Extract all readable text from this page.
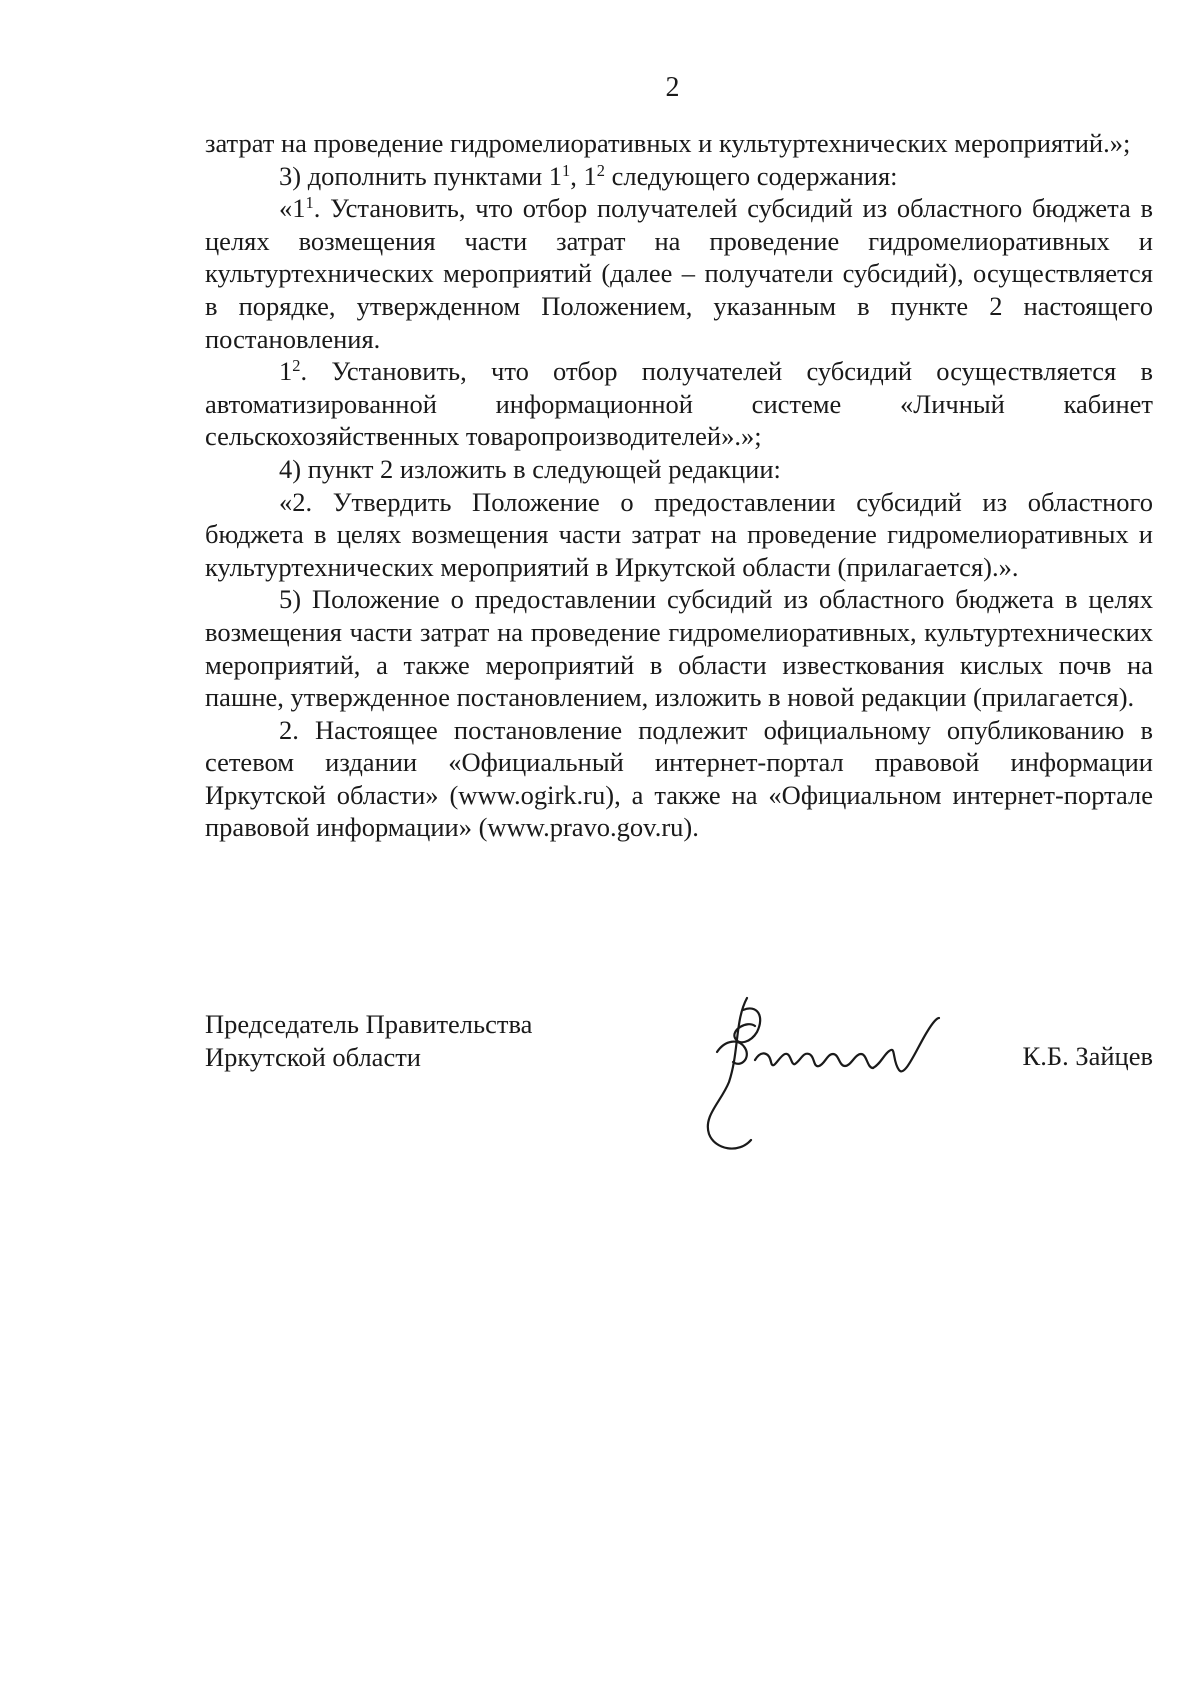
2

затрат на проведение гидромелиоративных и культуртехнических мероприятий.»;

3) дополнить пунктами $1^1$, $1^2$ следующего содержания:

«$1^1$. Установить, что отбор получателей субсидий из областного бюджета в целях возмещения части затрат на проведение гидромелиоративных и культуртехнических мероприятий (далее – получатели субсидий), осуществляется в порядке, утвержденном Положением, указанным в пункте 2 настоящего постановления.

$1^2$. Установить, что отбор получателей субсидий осуществляется в автоматизированной информационной системе «Личный кабинет сельскохозяйственных товаропроизводителей».»;

4) пункт 2 изложить в следующей редакции:

«2. Утвердить Положение о предоставлении субсидий из областного бюджета в целях возмещения части затрат на проведение гидромелиоративных и культуртехнических мероприятий в Иркутской области (прилагается).».

5) Положение о предоставлении субсидий из областного бюджета в целях возмещения части затрат на проведение гидромелиоративных, культуртехнических мероприятий, а также мероприятий в области известкования кислых почв на пашне, утвержденное постановлением, изложить в новой редакции (прилагается).

2. Настоящее постановление подлежит официальному опубликованию в сетевом издании «Официальный интернет-портал правовой информации Иркутской области» (www.ogirk.ru), а также на «Официальном интернет-портале правовой информации» (www.pravo.gov.ru).

Председатель Правительства
Иркутской области	К.Б. Зайцев
